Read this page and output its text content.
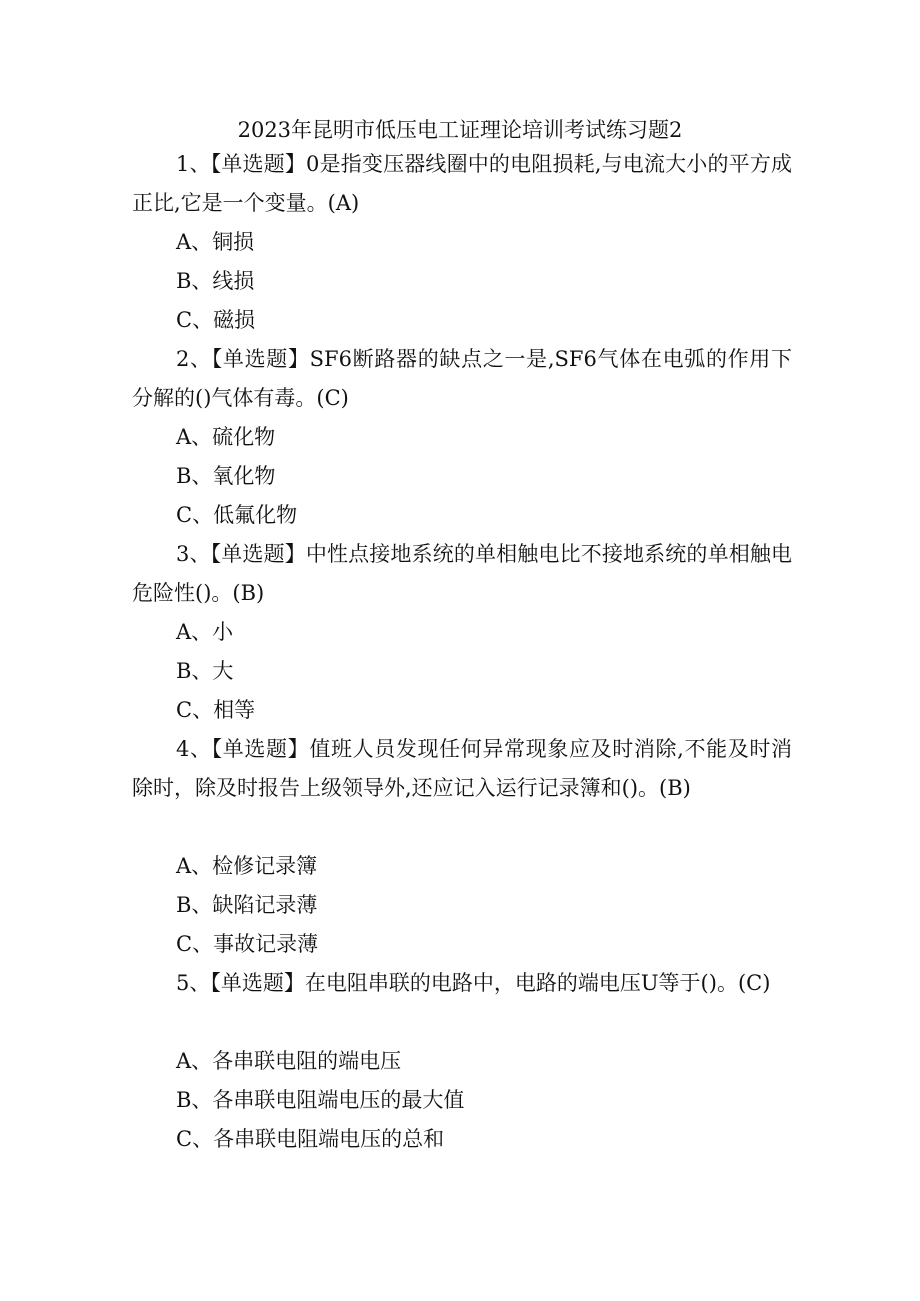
2023年昆明市低压电工证理论培训考试练习题2
1、【单选题】0是指变压器线圈中的电阻损耗,与电流大小的平方成正比,它是一个变量。(A)
A、铜损
B、线损
C、磁损
2、【单选题】SF6断路器的缺点之一是,SF6气体在电弧的作用下分解的()气体有毒。(C)
A、硫化物
B、氧化物
C、低氟化物
3、【单选题】中性点接地系统的单相触电比不接地系统的单相触电危险性()。(B)
A、小
B、大
C、相等
4、【单选题】值班人员发现任何异常现象应及时消除,不能及时消除时，除及时报告上级领导外,还应记入运行记录簿和()。(B)
A、检修记录簿
B、缺陷记录薄
C、事故记录薄
5、【单选题】在电阻串联的电路中，电路的端电压U等于()。(C)
A、各串联电阻的端电压
B、各串联电阻端电压的最大值
C、各串联电阻端电压的总和
